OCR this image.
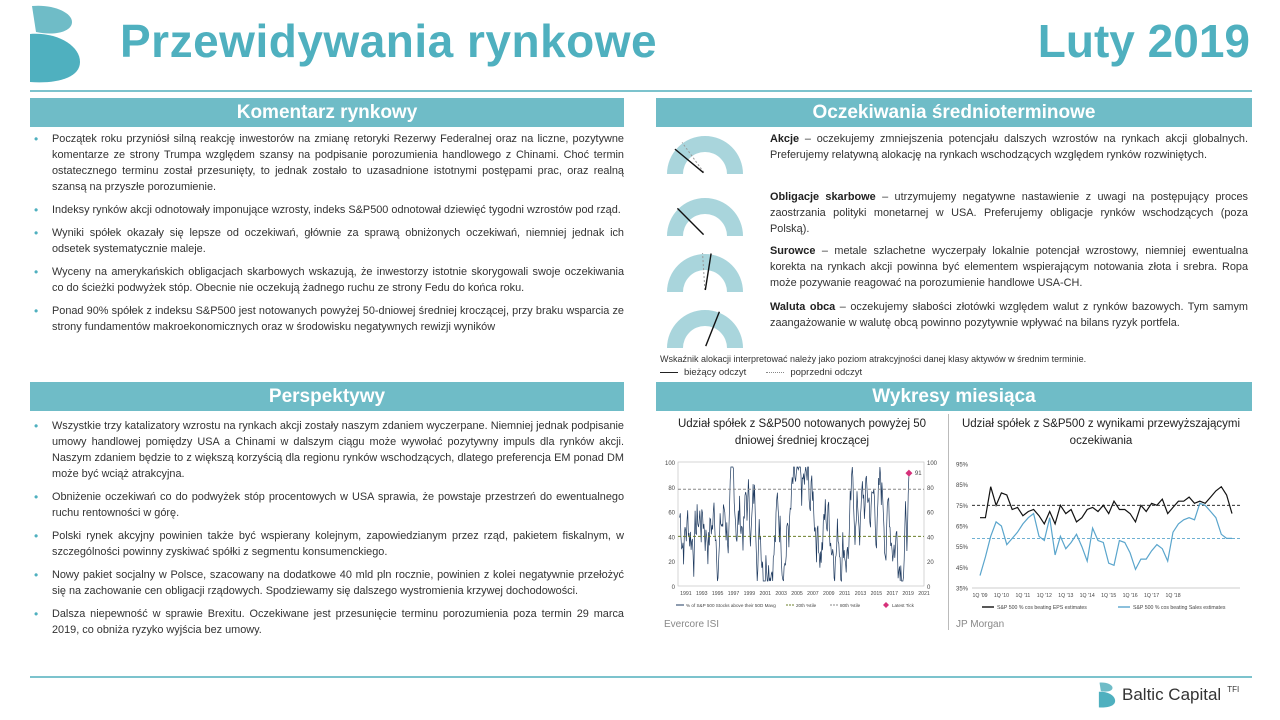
Przewidywania rynkowe	Luty 2019
Komentarz rynkowy	Oczekiwania średnioterminowe
Perspektywy	Wykresy miesiąca
• Początek roku przyniósł silną reakcję inwestorów na zmianę retoryki Rezerwy Federalnej oraz na liczne, pozytywne komentarze ze strony Trumpa względem szansy na podpisanie porozumienia handlowego z Chinami. Choć termin ostatecznego terminu został przesunięty, to jednak zostało to uzasadnione istotnymi postępami prac, oraz realną szansą na przyszłe porozumienie.
• Indeksy rynków akcji odnotowały imponujące wzrosty, indeks S&P500 odnotował dziewięć tygodni wzrostów pod rząd.
• Wyniki spółek okazały się lepsze od oczekiwań, głównie za sprawą obniżonych oczekiwań, niemniej jednak ich odsetek systematycznie maleje.
• Wyceny na amerykańskich obligacjach skarbowych wskazują, że inwestorzy istotnie skorygowali swoje oczekiwania co do ścieżki podwyżek stóp. Obecnie nie oczekują żadnego ruchu ze strony Fedu do końca roku.
• Ponad 90% spółek z indeksu S&P500 jest notowanych powyżej 50-dniowej średniej kroczącej, przy braku wsparcia ze strony fundamentów makroekonomicznych oraz w środowisku negatywnych rewizji wyników
• Wszystkie trzy katalizatory wzrostu na rynkach akcji zostały naszym zdaniem wyczerpane. Niemniej jednak podpisanie umowy handlowej pomiędzy USA a Chinami w dalszym ciągu może wywołać pozytywny impuls dla rynków akcji. Naszym zdaniem będzie to z większą korzyścią dla regionu rynków wschodzących, dlatego preferencja EM ponad DM może być wciąż atrakcyjna.
• Obniżenie oczekiwań co do podwyżek stóp procentowych w USA sprawia, że powstaje przestrzeń do ewentualnego ruchu rentowności w górę.
• Polski rynek akcyjny powinien także być wspierany kolejnym, zapowiedzianym przez rząd, pakietem fiskalnym, w szczególności powinny zyskiwać spółki z segmentu konsumenckiego.
• Nowy pakiet socjalny w Polsce, szacowany na dodatkowe 40 mld pln rocznie, powinien z kolei negatywnie przełożyć się na zachowanie cen obligacji rządowych. Spodziewamy się dalszego wystromienia krzywej dochodowości.
• Dalsza niepewność w sprawie Brexitu. Oczekiwane jest przesunięcie terminu porozumienia poza termin 29 marca 2019, co obniża ryzyko wyjścia bez umowy.
Akcje – oczekujemy zmniejszenia potencjału dalszych wzrostów na rynkach akcji globalnych. Preferujemy relatywną alokację na rynkach wschodzących względem rynków rozwiniętych.
Obligacje skarbowe – utrzymujemy negatywne nastawienie z uwagi na postępujący proces zaostrzania polityki monetarnej w USA. Preferujemy obligacje rynków wschodzących (poza Polską).
Surowce – metale szlachetne wyczerpały lokalnie potencjał wzrostowy, niemniej ewentualna korekta na rynkach akcji powinna być elementem wspierającym notowania złota i srebra. Ropa może pozywanie reagować na porozumienie handlowe USA-CH.
Waluta obca – oczekujemy słabości złotówki względem walut z rynków bazowych. Tym samym zaangażowanie w walutę obcą powinno pozytywnie wpływać na bilans ryzyk portfela.
Wskaźnik alokacji interpretować należy jako poziom atrakcyjności danej klasy aktywów w średnim terminie.
bieżący odczyt	poprzedni odczyt
Udział spółek z S&P500 notowanych powyżej 50 dniowej średniej kroczącej
Udział spółek z S&P500 z wynikami przewyższającymi oczekiwania
0	0
20	20
40	40
60	60
80	80
100	100
1991 1993 1995 1997 1999 2001 2003 2005 2007 2009 2011 2013 2015 2017 2019 2021
91
% of S&P 500 Stocks above their 50D Mavg	20th %tile	80th %tile	Latest Tick
35%
45%
55%
65%
75%
85%
95%
1Q '09 1Q '10 1Q '11 1Q '12 1Q '13 1Q '14 1Q '15 1Q '16 1Q '17 1Q '18
S&P 500 % cos beating EPS estimates	S&P 500 % cos beating Sales estimates
Evercore ISI	JP Morgan
Baltic Capital TFI
